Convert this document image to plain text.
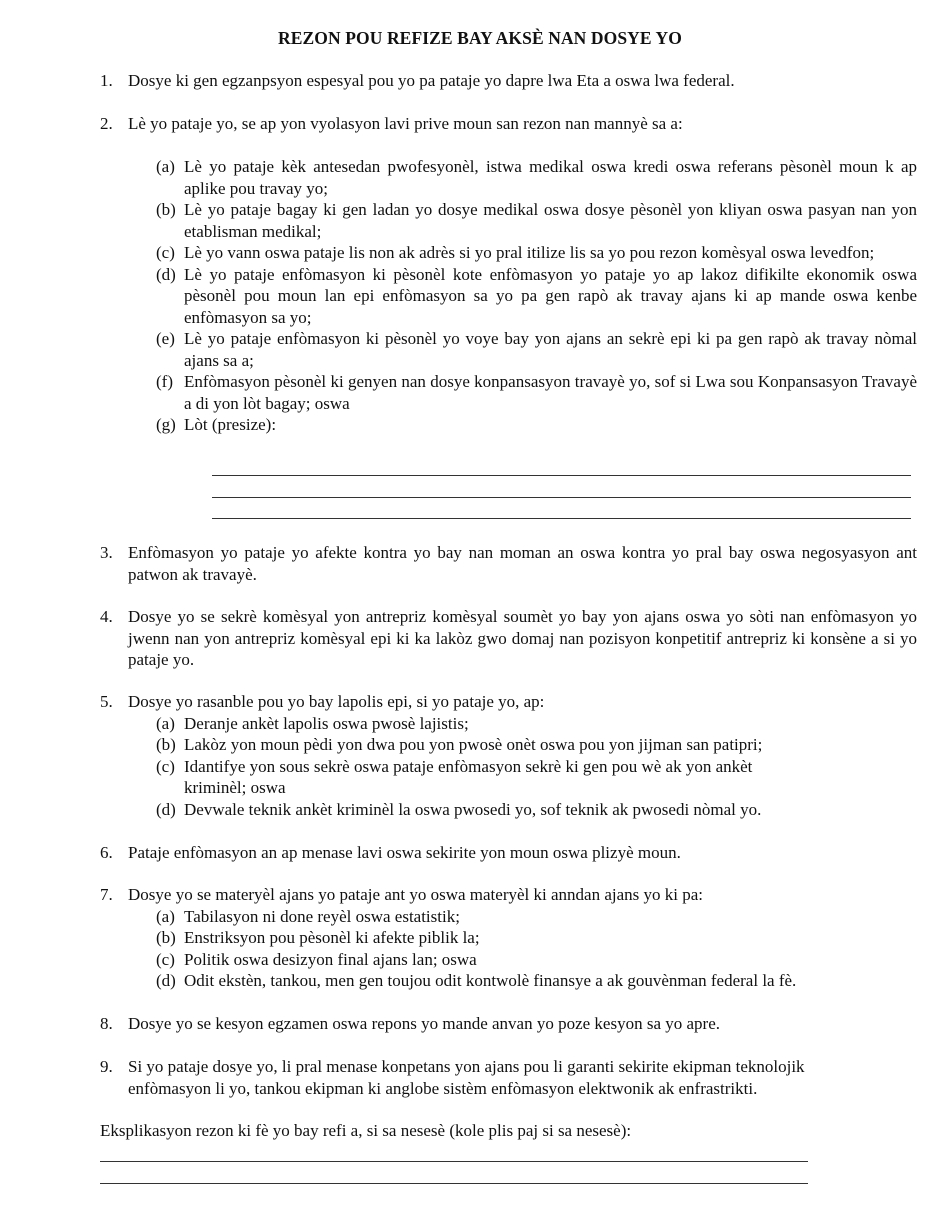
REZON POU REFIZE BAY AKSÈ NAN DOSYE YO
1. Dosye ki gen egzanpsyon espesyal pou yo pa pataje yo dapre lwa Eta a oswa lwa federal.
2. Lè yo pataje yo, se ap yon vyolasyon lavi prive moun san rezon nan mannyè sa a:
(a) Lè yo pataje kèk antesedan pwofesyonèl, istwa medikal oswa kredi oswa referans pèsonèl moun k ap aplike pou travay yo;
(b) Lè yo pataje bagay ki gen ladan yo dosye medikal oswa dosye pèsonèl yon kliyan oswa pasyan nan yon etablisman medikal;
(c) Lè yo vann oswa pataje lis non ak adrès si yo pral itilize lis sa yo pou rezon komèsyal oswa levedfon;
(d) Lè yo pataje enfòmasyon ki pèsonèl kote enfòmasyon yo pataje yo ap lakoz difikilte ekonomik oswa pèsonèl pou moun lan epi enfòmasyon sa yo pa gen rapò ak travay ajans ki ap mande oswa kenbe enfòmasyon sa yo;
(e) Lè yo pataje enfòmasyon ki pèsonèl yo voye bay yon ajans an sekrè epi ki pa gen rapò ak travay nòmal ajans sa a;
(f) Enfòmasyon pèsonèl ki genyen nan dosye konpansasyon travayè yo, sof si Lwa sou Konpansasyon Travayè a di yon lòt bagay; oswa
(g) Lòt (presize):
3. Enfòmasyon yo pataje yo afekte kontra yo bay nan moman an oswa kontra yo pral bay oswa negosyasyon ant patwon ak travayè.
4. Dosye yo se sekrè komèsyal yon antrepriz komèsyal soumèt yo bay yon ajans oswa yo sòti nan enfòmasyon yo jwenn nan yon antrepriz komèsyal epi ki ka lakòz gwo domaj nan pozisyon konpetitif antrepriz ki konsène a si yo pataje yo.
5. Dosye yo rasanble pou yo bay lapolis epi, si yo pataje yo, ap:
(a) Deranje ankèt lapolis oswa pwosè lajistis;
(b) Lakòz yon moun pèdi yon dwa pou yon pwosè onèt oswa pou yon jijman san patipri;
(c) Idantifye yon sous sekrè oswa pataje enfòmasyon sekrè ki gen pou wè ak yon ankèt kriminèl; oswa
(d) Devwale teknik ankèt kriminèl la oswa pwosedi yo, sof teknik ak pwosedi nòmal yo.
6. Pataje enfòmasyon an ap menase lavi oswa sekirite yon moun oswa plizyè moun.
7. Dosye yo se materyèl ajans yo pataje ant yo oswa materyèl ki anndan ajans yo ki pa:
(a) Tabilasyon ni done reyèl oswa estatistik;
(b) Enstriksyon pou pèsonèl ki afekte piblik la;
(c) Politik oswa desizyon final ajans lan; oswa
(d) Odit ekstèn, tankou, men gen toujou odit kontwolè finansye a ak gouvènman federal la fè.
8. Dosye yo se kesyon egzamen oswa repons yo mande anvan yo poze kesyon sa yo apre.
9. Si yo pataje dosye yo, li pral menase konpetans yon ajans pou li garanti sekirite ekipman teknolojik enfòmasyon li yo, tankou ekipman ki anglobe sistèm enfòmasyon elektwonik ak enfrastrikti.
Eksplikasyon rezon ki fè yo bay refi a, si sa nesesè (kole plis paj si sa nesesè):
